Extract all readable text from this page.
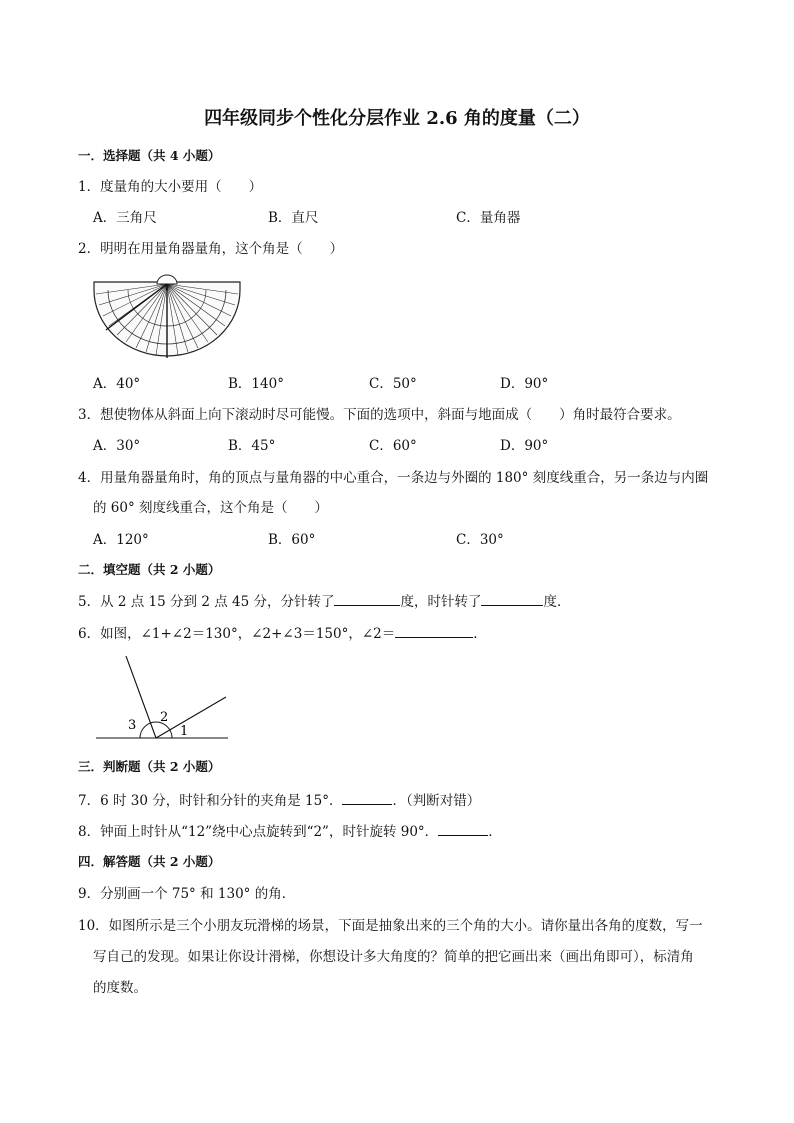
四年级同步个性化分层作业 2.6 角的度量（二）
一．选择题（共 4 小题）
1．度量角的大小要用（　　）
A．三角尺	B．直尺	C．量角器
2．明明在用量角器量角，这个角是（　　）
A．40°	B．140°	C．50°	D．90°
3．想使物体从斜面上向下滚动时尽可能慢。下面的选项中，斜面与地面成（　　）角时最符合要求。
A．30°	B．45°	C．60°	D．90°
4．用量角器量角时，角的顶点与量角器的中心重合，一条边与外圈的 180° 刻度线重合，另一条边与内圈
的 60° 刻度线重合，这个角是（　　）
A．120°	B．60°	C．30°
二．填空题（共 2 小题）
5．从 2 点 15 分到 2 点 45 分，分针转了	度，时针转了	度．
6．如图，∠1+∠2＝130°，∠2+∠3＝150°，∠2＝	．
3
2
1
三．判断题（共 2 小题）
7．6 时 30 分，时针和分针的夹角是 15°．	．（判断对错）
8．钟面上时针从“12”绕中心点旋转到“2”，时针旋转 90°．	．
四．解答题（共 2 小题）
9．分别画一个 75° 和 130° 的角．
10．如图所示是三个小朋友玩滑梯的场景，下面是抽象出来的三个角的大小。请你量出各角的度数，写一
写自己的发现。如果让你设计滑梯，你想设计多大角度的？简单的把它画出来（画出角即可），标清角
的度数。
